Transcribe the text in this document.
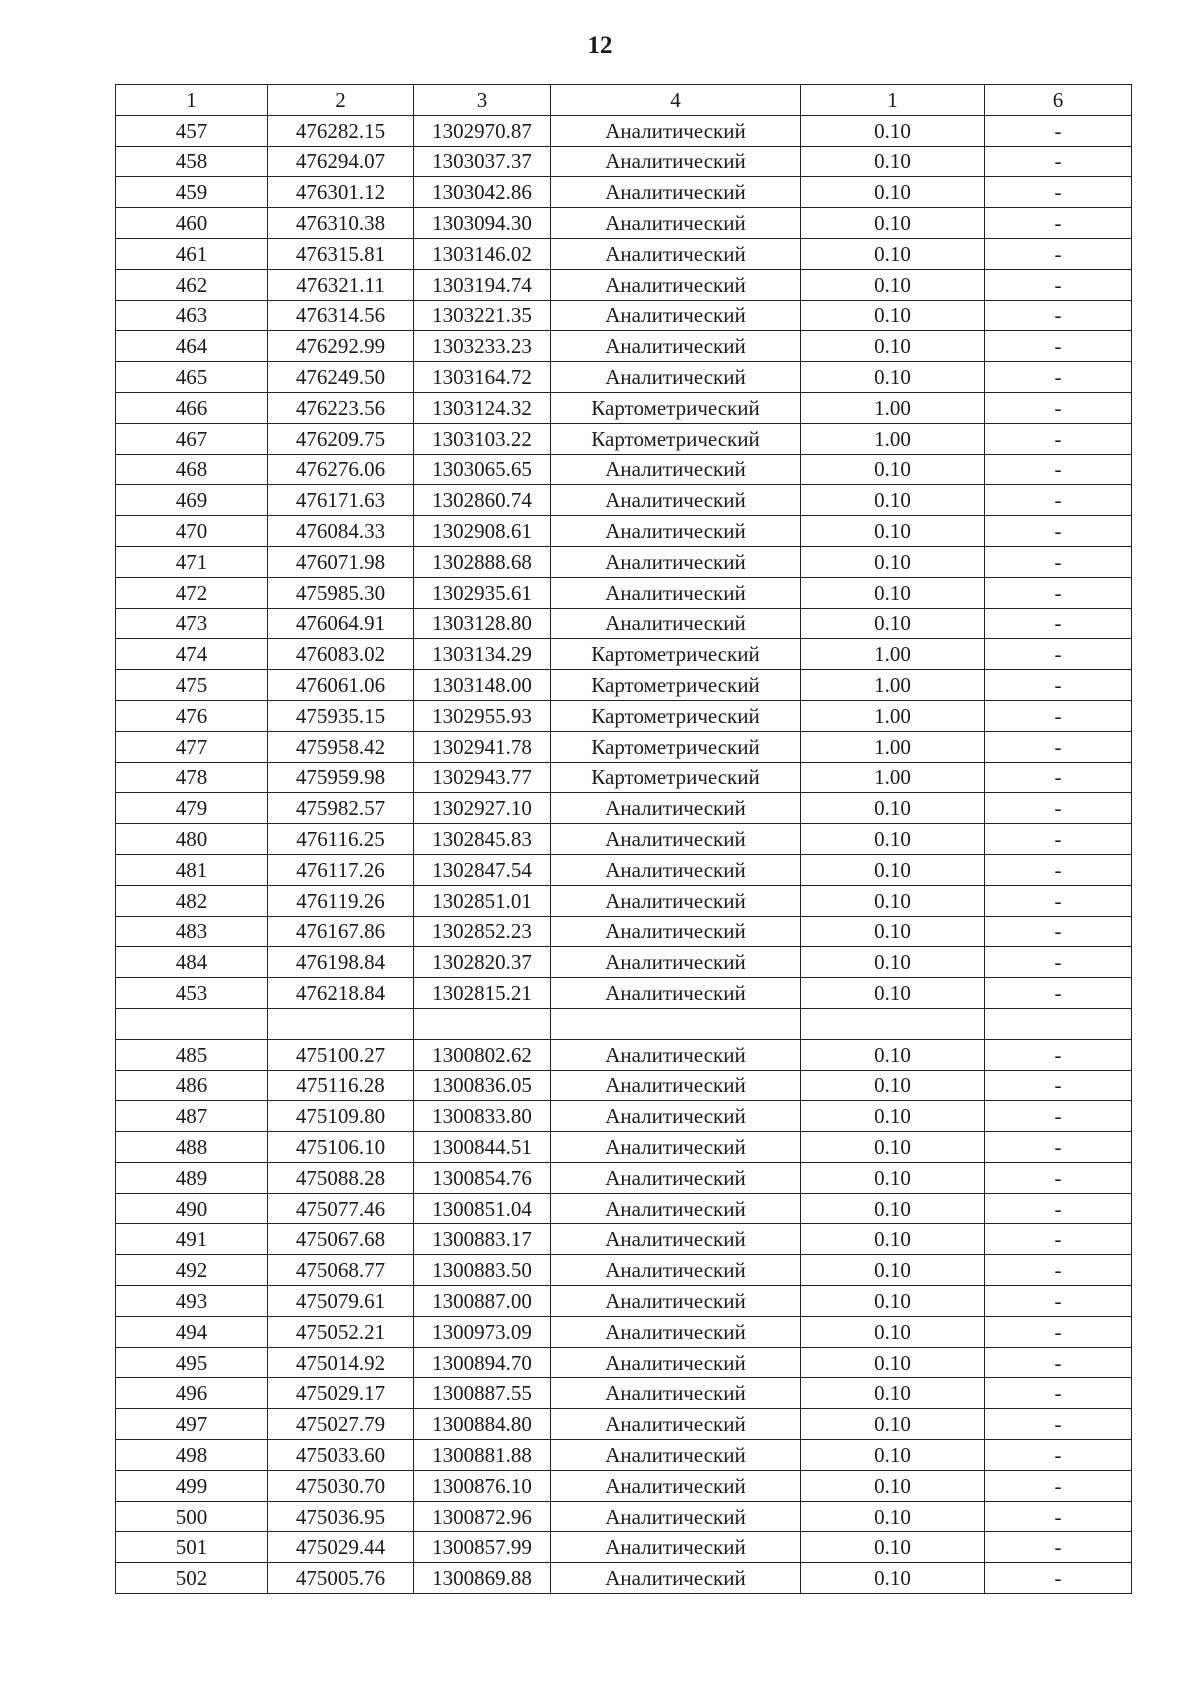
12
1	2	3	4	1	6
457	476282.15	1302970.87	Аналитический	0.10	-
458	476294.07	1303037.37	Аналитический	0.10	-
459	476301.12	1303042.86	Аналитический	0.10	-
460	476310.38	1303094.30	Аналитический	0.10	-
461	476315.81	1303146.02	Аналитический	0.10	-
462	476321.11	1303194.74	Аналитический	0.10	-
463	476314.56	1303221.35	Аналитический	0.10	-
464	476292.99	1303233.23	Аналитический	0.10	-
465	476249.50	1303164.72	Аналитический	0.10	-
466	476223.56	1303124.32	Картометрический	1.00	-
467	476209.75	1303103.22	Картометрический	1.00	-
468	476276.06	1303065.65	Аналитический	0.10	-
469	476171.63	1302860.74	Аналитический	0.10	-
470	476084.33	1302908.61	Аналитический	0.10	-
471	476071.98	1302888.68	Аналитический	0.10	-
472	475985.30	1302935.61	Аналитический	0.10	-
473	476064.91	1303128.80	Аналитический	0.10	-
474	476083.02	1303134.29	Картометрический	1.00	-
475	476061.06	1303148.00	Картометрический	1.00	-
476	475935.15	1302955.93	Картометрический	1.00	-
477	475958.42	1302941.78	Картометрический	1.00	-
478	475959.98	1302943.77	Картометрический	1.00	-
479	475982.57	1302927.10	Аналитический	0.10	-
480	476116.25	1302845.83	Аналитический	0.10	-
481	476117.26	1302847.54	Аналитический	0.10	-
482	476119.26	1302851.01	Аналитический	0.10	-
483	476167.86	1302852.23	Аналитический	0.10	-
484	476198.84	1302820.37	Аналитический	0.10	-
453	476218.84	1302815.21	Аналитический	0.10	-

485	475100.27	1300802.62	Аналитический	0.10	-
486	475116.28	1300836.05	Аналитический	0.10	-
487	475109.80	1300833.80	Аналитический	0.10	-
488	475106.10	1300844.51	Аналитический	0.10	-
489	475088.28	1300854.76	Аналитический	0.10	-
490	475077.46	1300851.04	Аналитический	0.10	-
491	475067.68	1300883.17	Аналитический	0.10	-
492	475068.77	1300883.50	Аналитический	0.10	-
493	475079.61	1300887.00	Аналитический	0.10	-
494	475052.21	1300973.09	Аналитический	0.10	-
495	475014.92	1300894.70	Аналитический	0.10	-
496	475029.17	1300887.55	Аналитический	0.10	-
497	475027.79	1300884.80	Аналитический	0.10	-
498	475033.60	1300881.88	Аналитический	0.10	-
499	475030.70	1300876.10	Аналитический	0.10	-
500	475036.95	1300872.96	Аналитический	0.10	-
501	475029.44	1300857.99	Аналитический	0.10	-
502	475005.76	1300869.88	Аналитический	0.10	-
